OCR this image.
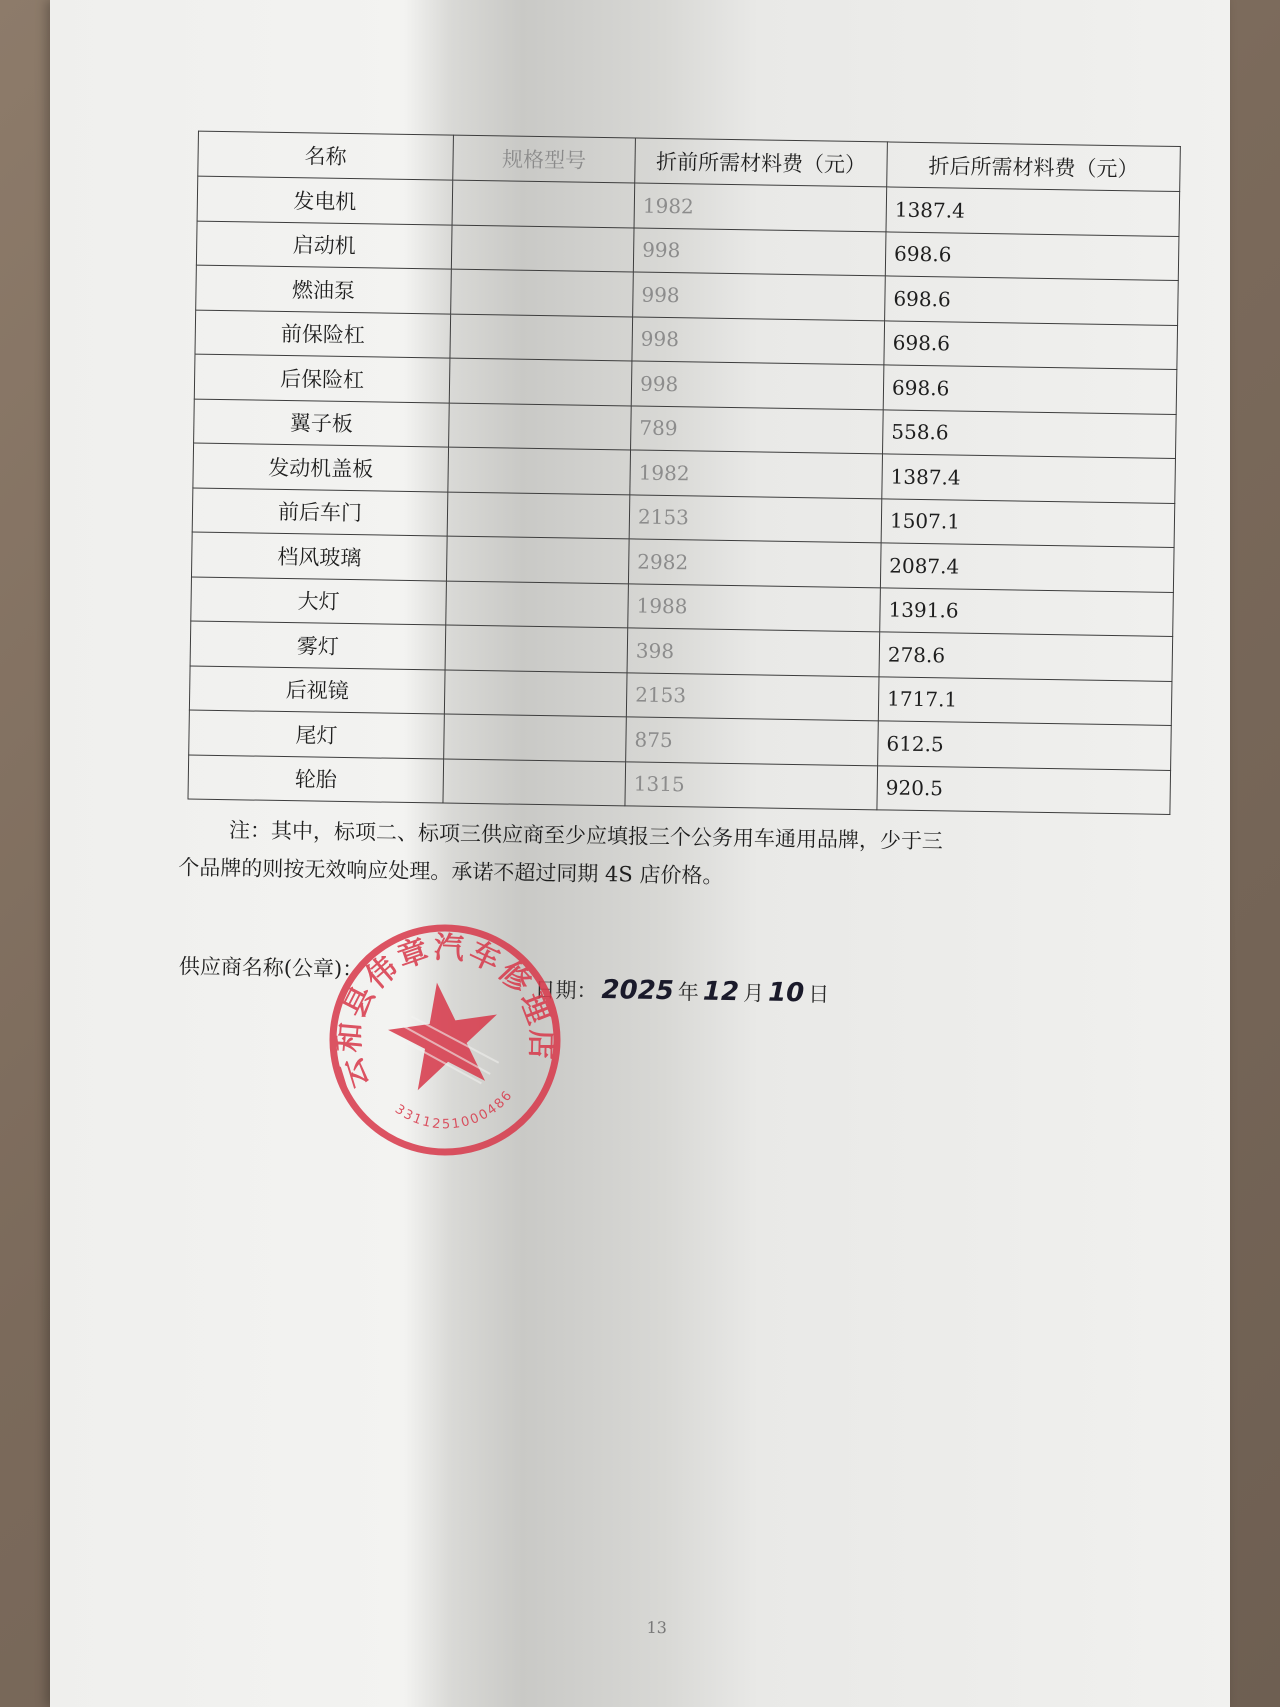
名称	规格型号	折前所需材料费（元）	折后所需材料费（元）
发电机		1982	1387.4
启动机		998	698.6
燃油泵		998	698.6
前保险杠		998	698.6
后保险杠		998	698.6
翼子板		789	558.6
发动机盖板		1982	1387.4
前后车门		2153	1507.1
档风玻璃		2982	2087.4
大灯		1988	1391.6
雾灯		398	278.6
后视镜		2153	1717.1
尾灯		875	612.5
轮胎		1315	920.5

注：其中，标项二、标项三供应商至少应填报三个公务用车通用品牌，少于三

个品牌的则按无效响应处理。承诺不超过同期 4S 店价格。

供应商名称(公章)：
日期： 2025 年 12 月 10 日
13
云和县伟章汽车修理店
3311251000486
